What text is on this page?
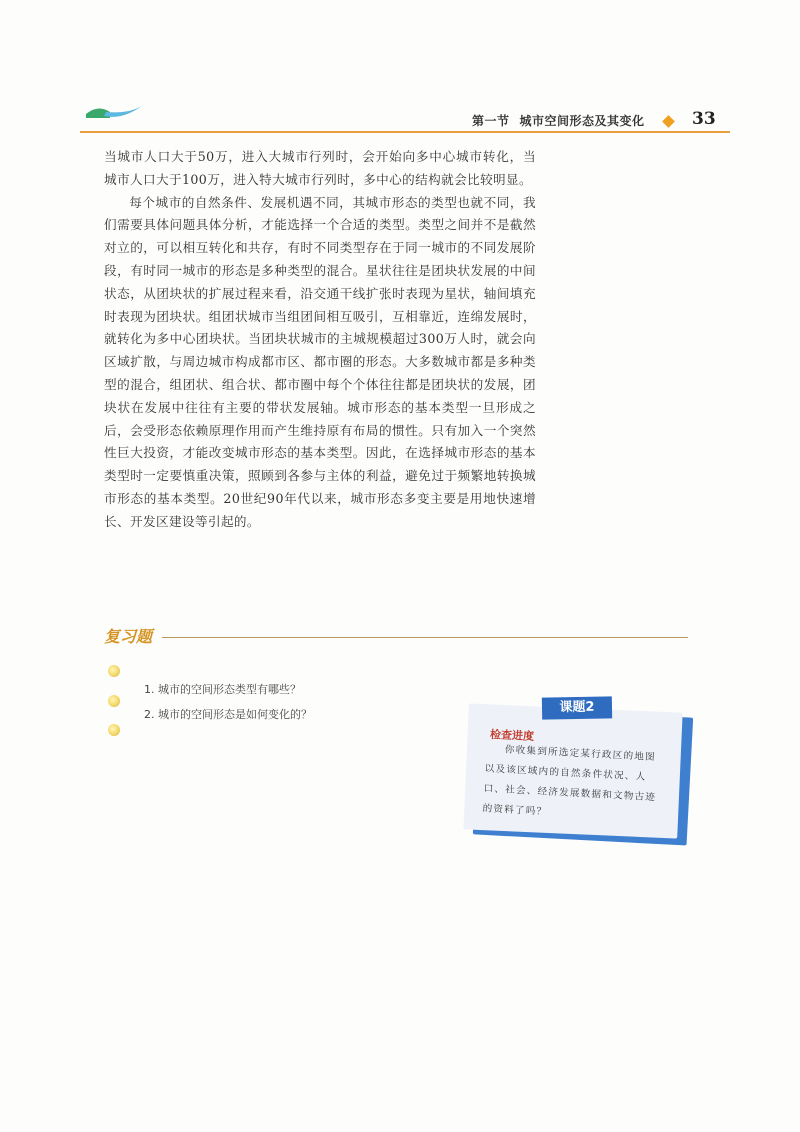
第一节 城市空间形态及其变化	33

当城市人口大于50万，进入大城市行列时，会开始向多中心城市转化，当城市人口大于100万，进入特大城市行列时，多中心的结构就会比较明显。

每个城市的自然条件、发展机遇不同，其城市形态的类型也就不同，我们需要具体问题具体分析，才能选择一个合适的类型。类型之间并不是截然对立的，可以相互转化和共存，有时不同类型存在于同一城市的不同发展阶段，有时同一城市的形态是多种类型的混合。星状往往是团块状发展的中间状态，从团块状的扩展过程来看，沿交通干线扩张时表现为星状，轴间填充时表现为团块状。组团状城市当组团间相互吸引，互相靠近，连绵发展时，就转化为多中心团块状。当团块状城市的主城规模超过300万人时，就会向区域扩散，与周边城市构成都市区、都市圈的形态。大多数城市都是多种类型的混合，组团状、组合状、都市圈中每个个体往往都是团块状的发展，团块状在发展中往往有主要的带状发展轴。城市形态的基本类型一旦形成之后，会受形态依赖原理作用而产生维持原有布局的惯性。只有加入一个突然性巨大投资，才能改变城市形态的基本类型。因此，在选择城市形态的基本类型时一定要慎重决策，照顾到各参与主体的利益，避免过于频繁地转换城市形态的基本类型。20世纪90年代以来，城市形态多变主要是用地快速增长、开发区建设等引起的。

复习题
1. 城市的空间形态类型有哪些？
2. 城市的空间形态是如何变化的？	课题2
检查进度
你收集到所选定某行政区的地图以及该区域内的自然条件状况、人口、社会、经济发展数据和文物古迹的资料了吗？
